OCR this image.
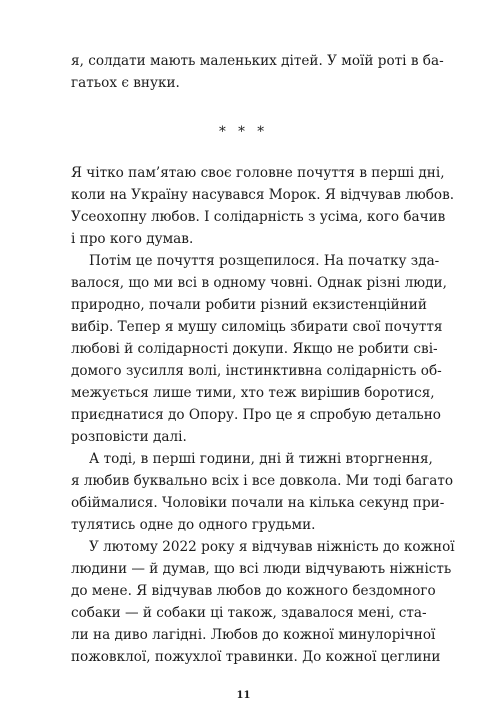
я, солдати мають маленьких дітей. У моїй роті в ба-
гатьох є внуки.
* * *
Я чітко пам’ятаю своє головне почуття в перші дні,
коли на Україну насувався Морок. Я відчував любов.
Усеохопну любов. І солідарність з усіма, кого бачив
і про кого думав.
Потім це почуття розщепилося. На початку зда-
валося, що ми всі в одному човні. Однак різні люди,
природно, почали робити різний екзистенційний
вибір. Тепер я мушу силоміць збирати свої почуття
любові й солідарності докупи. Якщо не робити сві-
домого зусилля волі, інстинктивна солідарність об-
межується лише тими, хто теж вирішив боротися,
приєднатися до Опору. Про це я спробую детально
розповісти далі.
А тоді, в перші години, дні й тижні вторгнення,
я любив буквально всіх і все довкола. Ми тоді багато
обіймалися. Чоловіки почали на кілька секунд при-
тулятись одне до одного грудьми.
У лютому 2022 року я відчував ніжність до кожної
людини — й думав, що всі люди відчувають ніжність
до мене. Я відчував любов до кожного бездомного
собаки — й собаки ці також, здавалося мені, ста-
ли на диво лагідні. Любов до кожної минулорічної
пожовклої, пожухлої травинки. До кожної цеглини
11
